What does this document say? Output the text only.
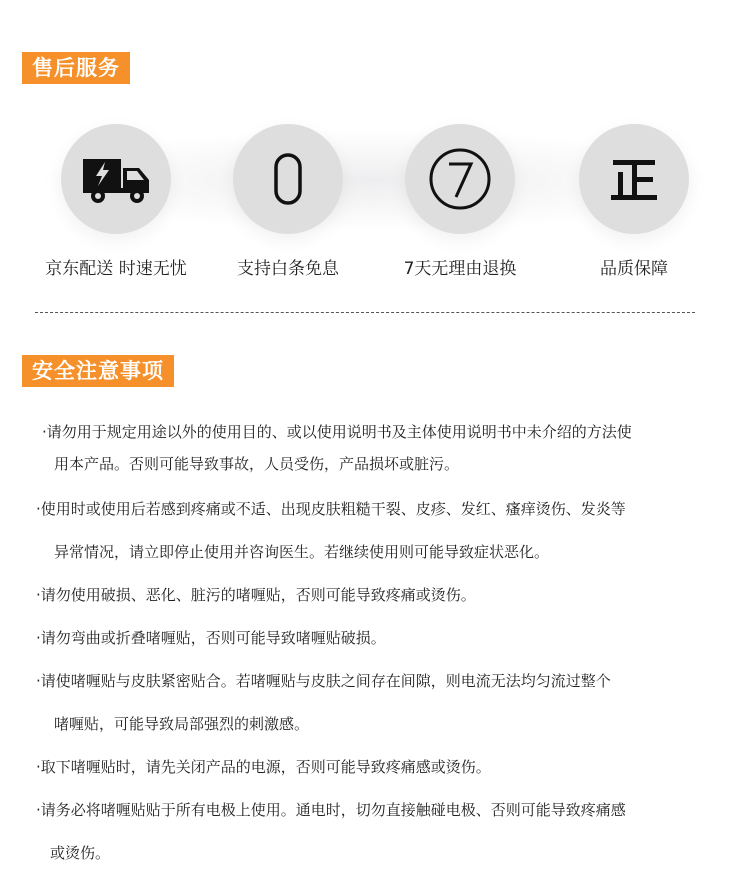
售后服务
京东配送 时速无忧	支持白条免息	7天无理由退换	品质保障
安全注意事项
·请勿用于规定用途以外的使用目的、或以使用说明书及主体使用说明书中未介绍的方法使
用本产品。否则可能导致事故，人员受伤，产品损坏或脏污。
·使用时或使用后若感到疼痛或不适、出现皮肤粗糙干裂、皮疹、发红、瘙痒烫伤、发炎等
异常情况，请立即停止使用并咨询医生。若继续使用则可能导致症状恶化。
·请勿使用破损、恶化、脏污的啫喱贴，否则可能导致疼痛或烫伤。
·请勿弯曲或折叠啫喱贴，否则可能导致啫喱贴破损。
·请使啫喱贴与皮肤紧密贴合。若啫喱贴与皮肤之间存在间隙，则电流无法均匀流过整个
啫喱贴，可能导致局部强烈的刺激感。
·取下啫喱贴时，请先关闭产品的电源，否则可能导致疼痛感或烫伤。
·请务必将啫喱贴贴于所有电极上使用。通电时，切勿直接触碰电极、否则可能导致疼痛感
或烫伤。
